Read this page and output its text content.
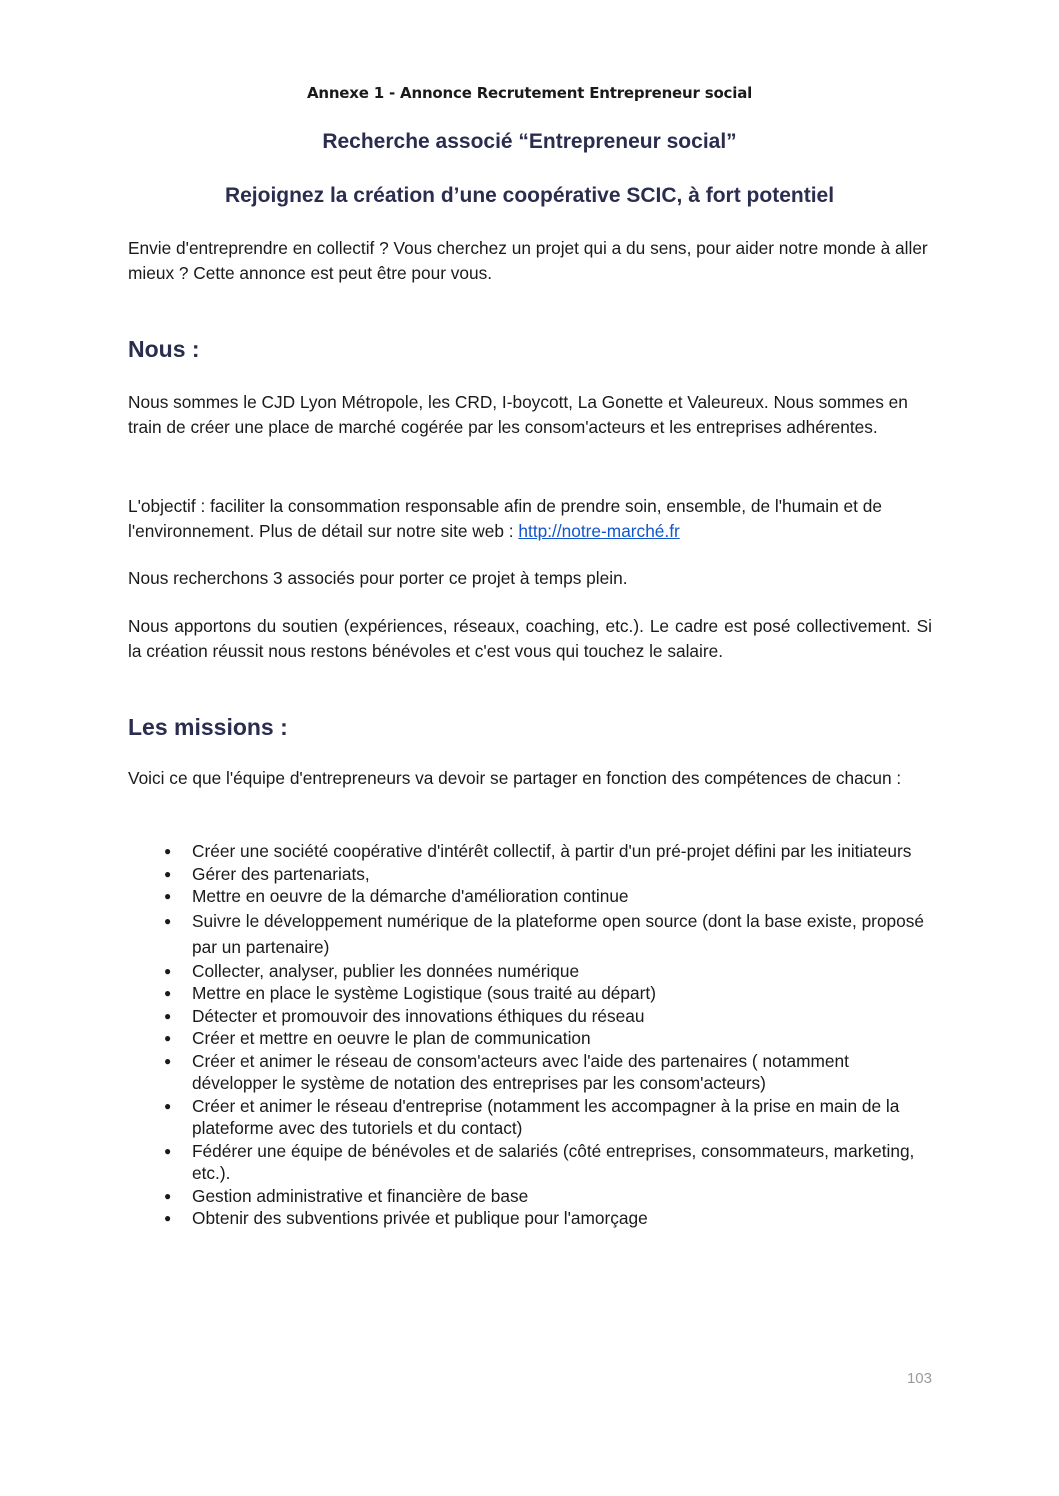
Annexe 1 - Annonce Recrutement Entrepreneur social
Recherche associé “Entrepreneur social”
Rejoignez la création d’une coopérative SCIC, à fort potentiel

Envie d'entreprendre en collectif ? Vous cherchez un projet qui a du sens, pour aider notre monde à aller mieux ? Cette annonce est peut être pour vous.

Nous :

Nous sommes le CJD Lyon Métropole, les CRD, I-boycott, La Gonette et Valeureux. Nous sommes en train de créer une place de marché cogérée par les consom'acteurs et les entreprises adhérentes.

L'objectif : faciliter la consommation responsable afin de prendre soin, ensemble, de l'humain et de l'environnement. Plus de détail sur notre site web : http://notre-marché.fr

Nous recherchons 3 associés pour porter ce projet à temps plein.

Nous apportons du soutien (expériences, réseaux, coaching, etc.). Le cadre est posé collectivement. Si la création réussit nous restons bénévoles et c'est vous qui touchez le salaire.

Les missions :

Voici ce que l'équipe d'entrepreneurs va devoir se partager en fonction des compétences de chacun :

● Créer une société coopérative d'intérêt collectif, à partir d'un pré-projet défini par les initiateurs
● Gérer des partenariats,
● Mettre en oeuvre de la démarche d'amélioration continue
● Suivre le développement numérique de la plateforme open source (dont la base existe, proposé par un partenaire)
● Collecter, analyser, publier les données numérique
● Mettre en place le système Logistique (sous traité au départ)
● Détecter et promouvoir des innovations éthiques du réseau
● Créer et mettre en oeuvre le plan de communication
● Créer et animer le réseau de consom'acteurs avec l'aide des partenaires ( notamment développer le système de notation des entreprises par les consom'acteurs)
● Créer et animer le réseau d'entreprise (notamment les accompagner à la prise en main de la plateforme avec des tutoriels et du contact)
● Fédérer une équipe de bénévoles et de salariés (côté entreprises, consommateurs, marketing, etc.).
● Gestion administrative et financière de base
● Obtenir des subventions privée et publique pour l'amorçage
103
